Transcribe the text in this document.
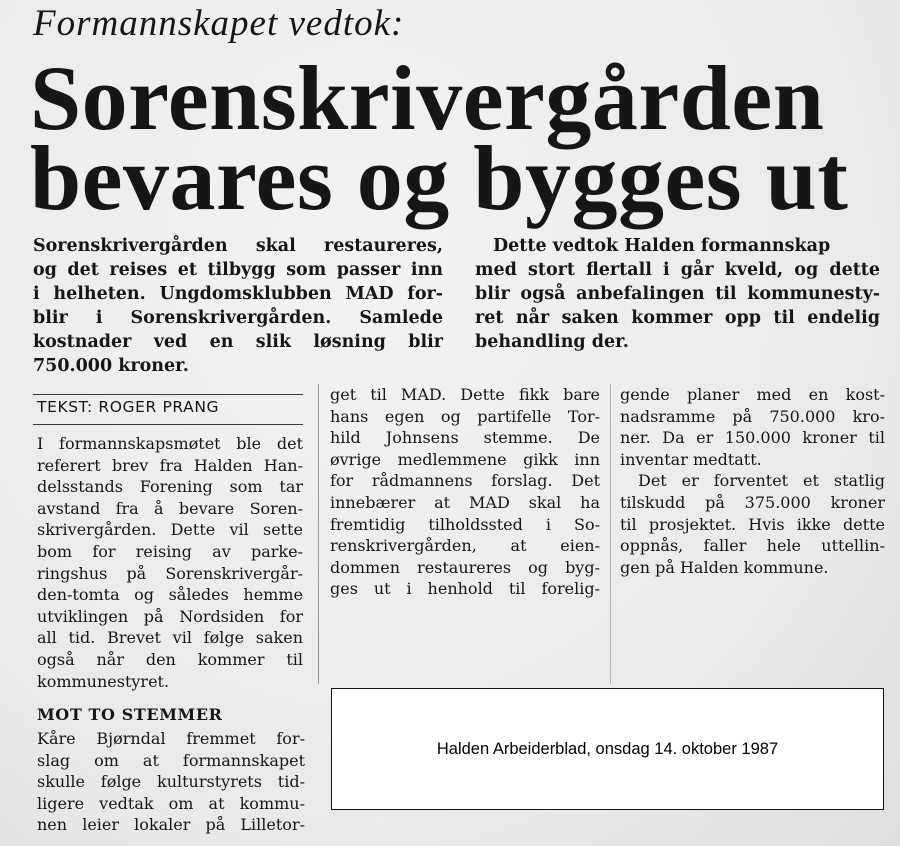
Formannskapet vedtok:
Sorenskrivergården
bevares og bygges ut
Sorenskrivergården skal restaureres,
og det reises et tilbygg som passer inn
i helheten. Ungdomsklubben MAD for-
blir i Sorenskrivergården. Samlede
kostnader ved en slik løsning blir
750.000 kroner.
Dette vedtok Halden formannskap
med stort flertall i går kveld, og dette
blir også anbefalingen til kommunesty-
ret når saken kommer opp til endelig
behandling der.
TEKST: ROGER PRANG
I formannskapsmøtet ble det
referert brev fra Halden Han-
delsstands Forening som tar
avstand fra å bevare Soren-
skrivergården. Dette vil sette
bom for reising av parke-
ringshus på Sorenskrivergår-
den-tomta og således hemme
utviklingen på Nordsiden for
all tid. Brevet vil følge saken
også når den kommer til
kommunestyret.
MOT TO STEMMER
Kåre Bjørndal fremmet for-
slag om at formannskapet
skulle følge kulturstyrets tid-
ligere vedtak om at kommu-
nen leier lokaler på Lilletor-
get til MAD. Dette fikk bare
hans egen og partifelle Tor-
hild Johnsens stemme. De
øvrige medlemmene gikk inn
for rådmannens forslag. Det
innebærer at MAD skal ha
fremtidig tilholdssted i So-
renskrivergården, at eien-
dommen restaureres og byg-
ges ut i henhold til forelig-
gende planer med en kost-
nadsramme på 750.000 kro-
ner. Da er 150.000 kroner til
inventar medtatt.
Det er forventet et statlig
tilskudd på 375.000 kroner
til prosjektet. Hvis ikke dette
oppnås, faller hele uttellin-
gen på Halden kommune.
Halden Arbeiderblad, onsdag 14. oktober 1987
